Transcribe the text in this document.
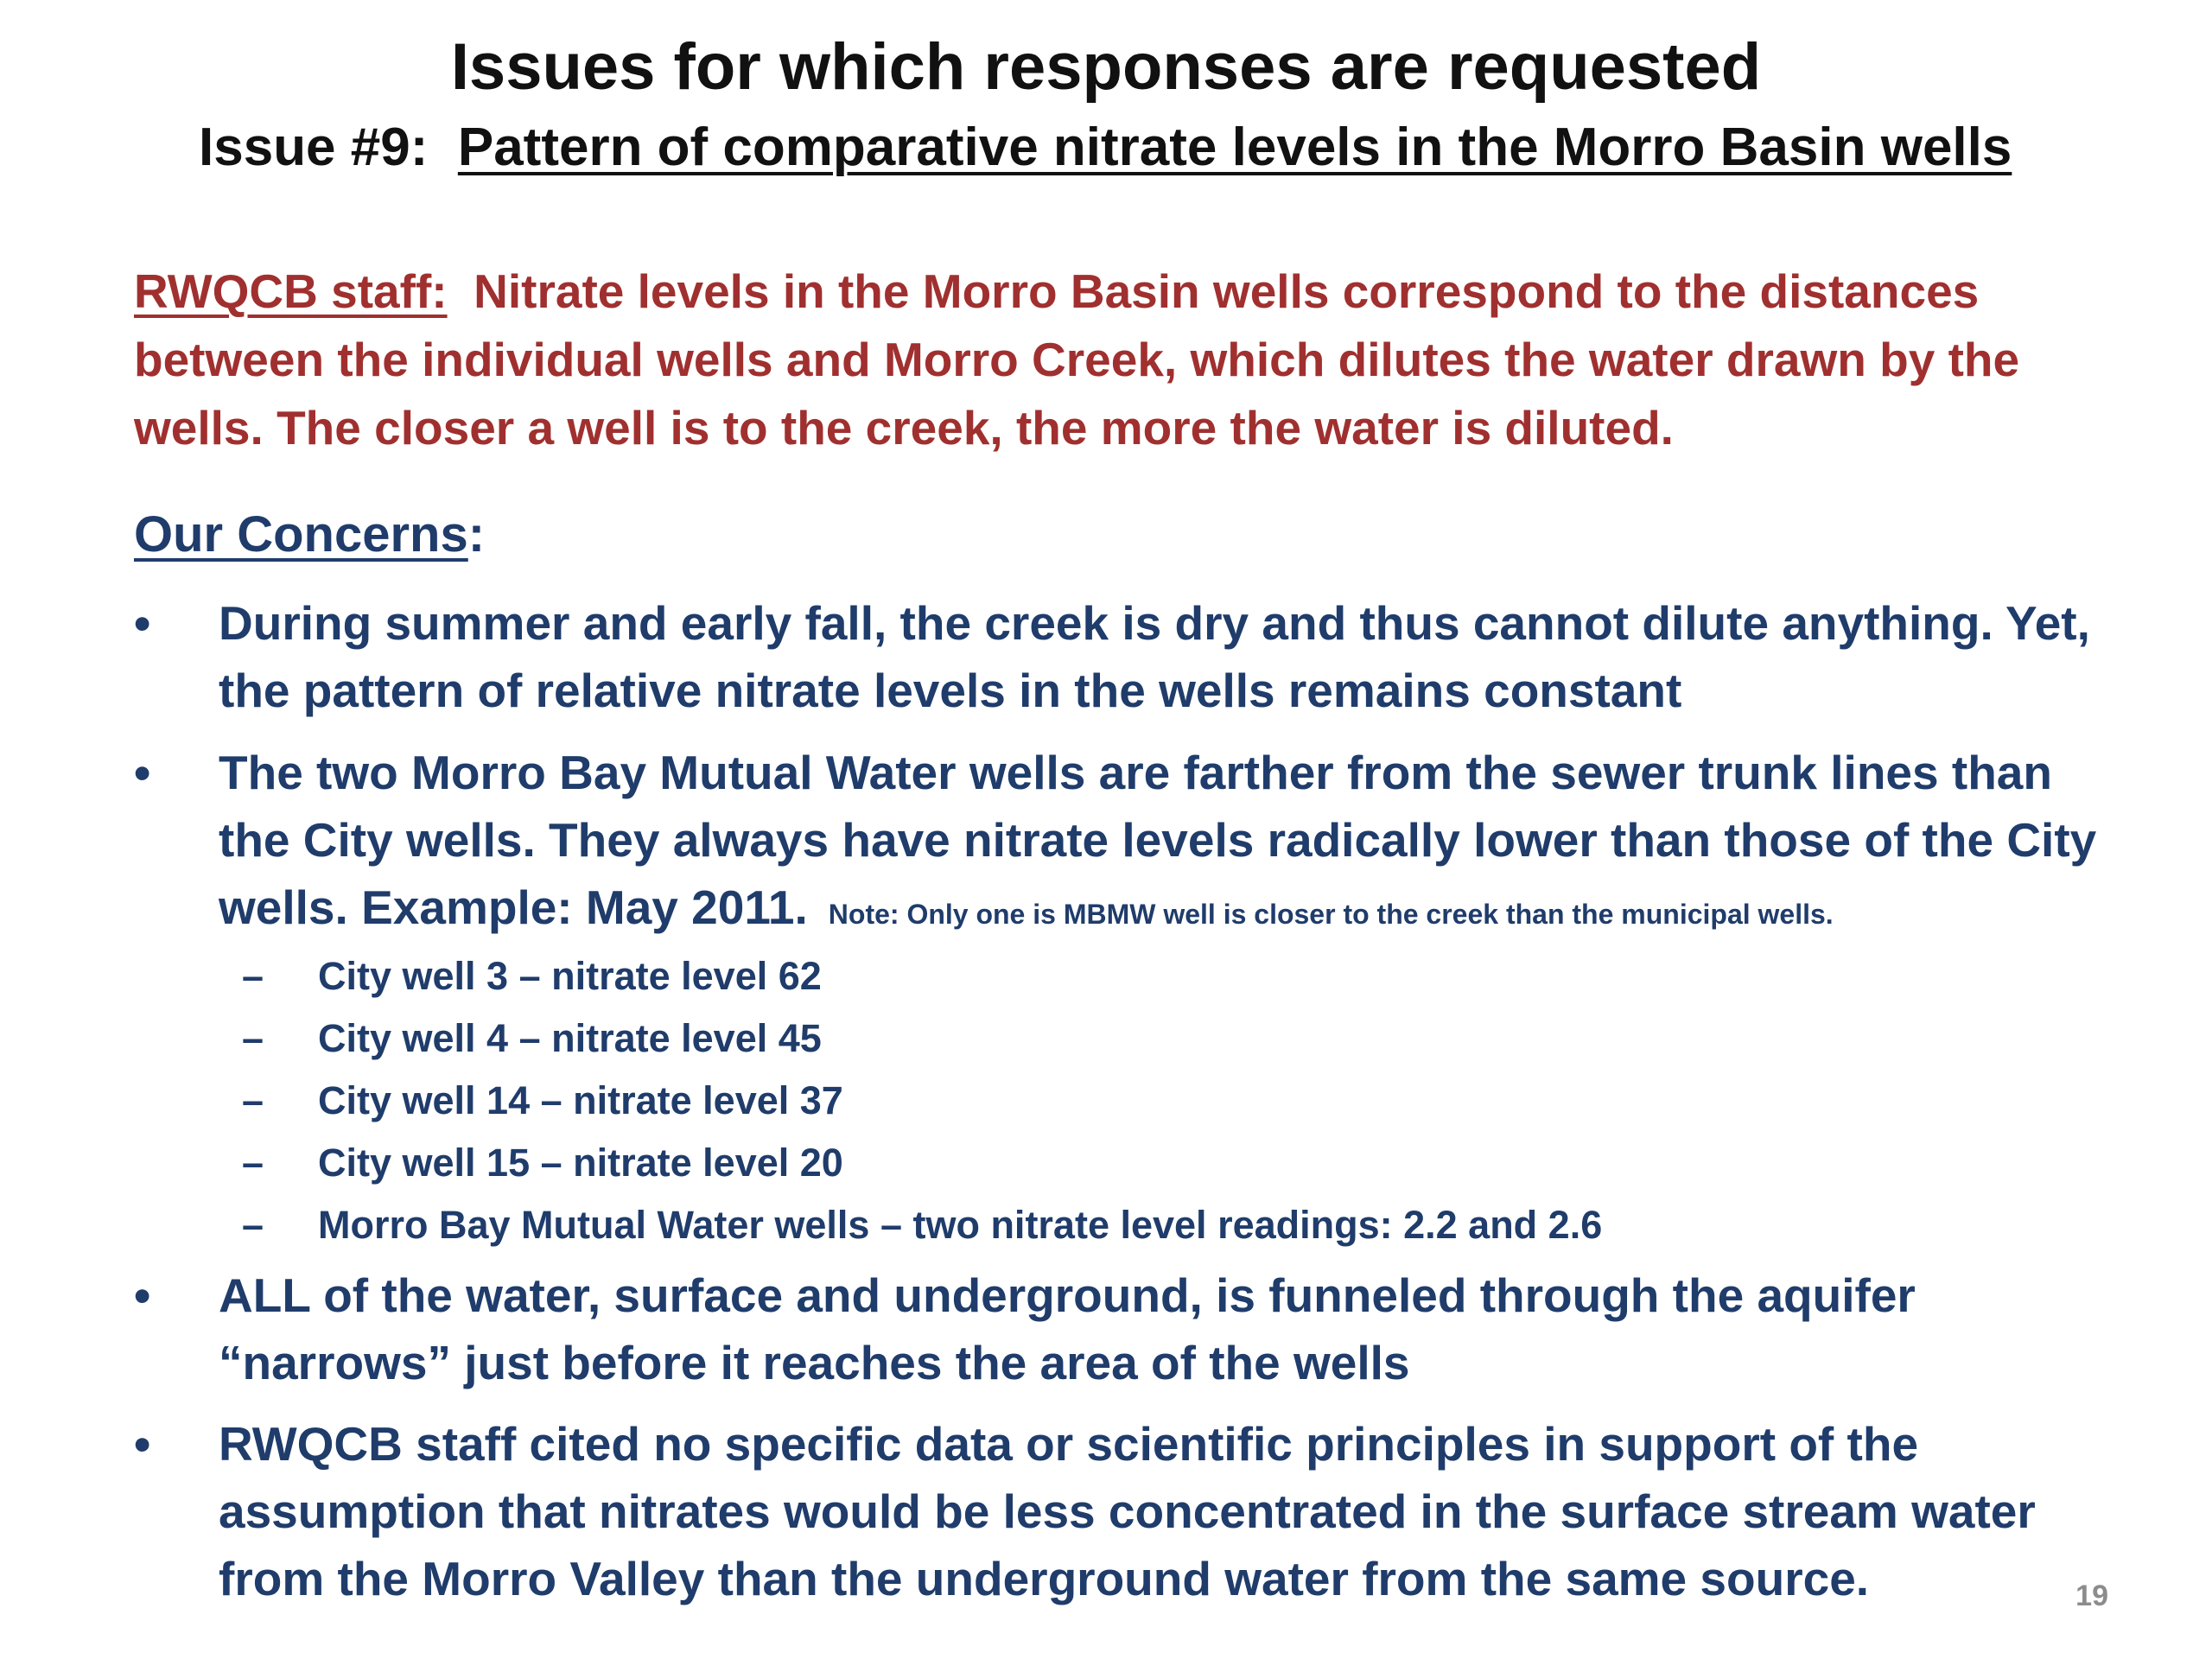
Issues for which responses are requested
Issue #9: Pattern of comparative nitrate levels in the Morro Basin wells
RWQCB staff: Nitrate levels in the Morro Basin wells correspond to the distances between the individual wells and Morro Creek, which dilutes the water drawn by the wells. The closer a well is to the creek, the more the water is diluted.
Our Concerns:
•	During summer and early fall, the creek is dry and thus cannot dilute anything. Yet, the pattern of relative nitrate levels in the wells remains constant
•	The two Morro Bay Mutual Water wells are farther from the sewer trunk lines than the City wells. They always have nitrate levels radically lower than those of the City wells. Example: May 2011. Note: Only one is MBMW well is closer to the creek than the municipal wells.
– City well 3 – nitrate level 62
– City well 4 – nitrate level 45
– City well 14 – nitrate level 37
– City well 15 – nitrate level 20
– Morro Bay Mutual Water wells – two nitrate level readings: 2.2 and 2.6
•	ALL of the water, surface and underground, is funneled through the aquifer “narrows” just before it reaches the area of the wells
•	RWQCB staff cited no specific data or scientific principles in support of the assumption that nitrates would be less concentrated in the surface stream water from the Morro Valley than the underground water from the same source.	19
